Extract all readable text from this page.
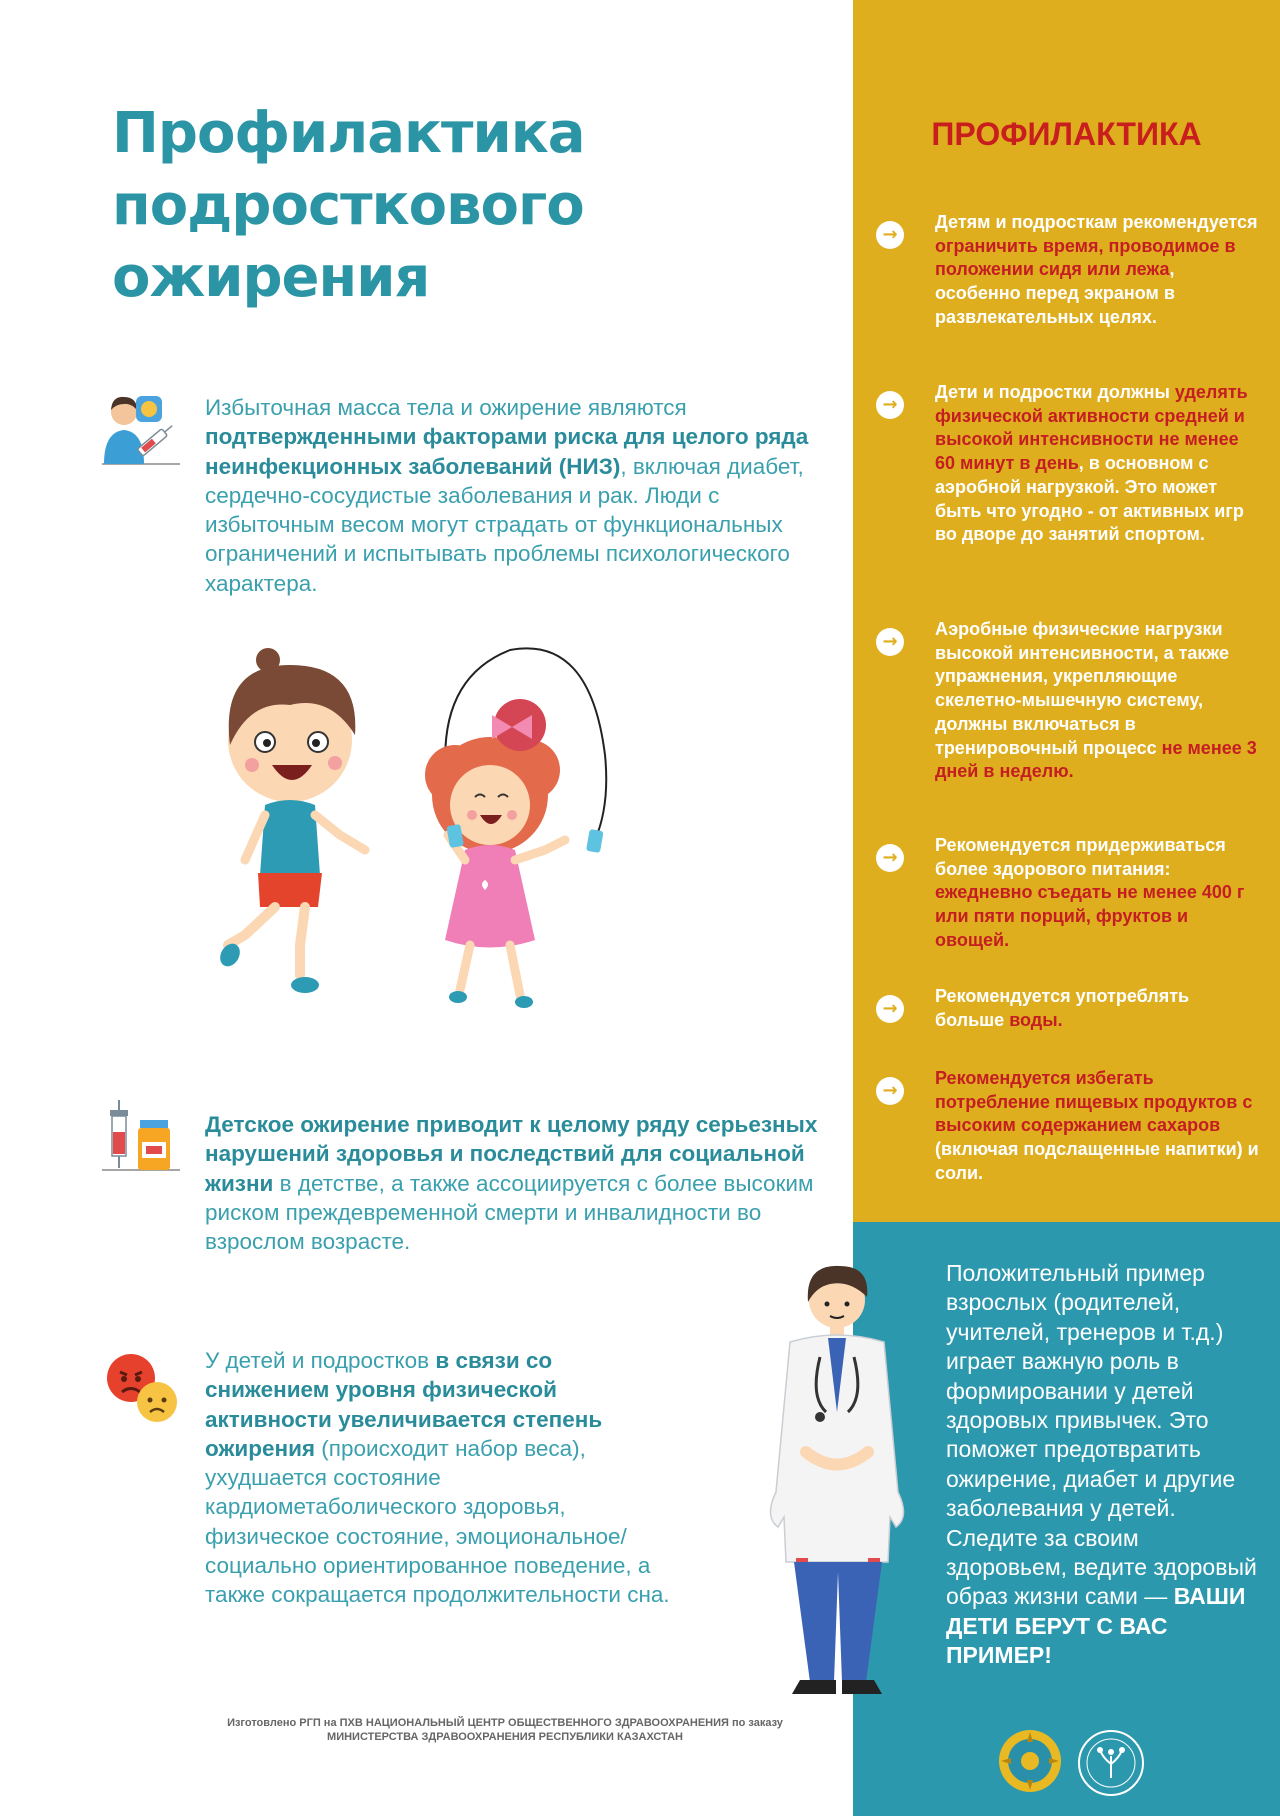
Профилактика
подросткового
ожирения

Избыточная масса тела и ожирение являются подтвержденными факторами риска для целого ряда неинфекционных заболеваний (НИЗ), включая диабет, сердечно-сосудистые заболевания и рак. Люди с избыточным весом могут страдать от функциональных ограничений и испытывать проблемы психологического характера.

Детское ожирение приводит к целому ряду серьезных нарушений здоровья и последствий для социальной жизни в детстве, а также ассоциируется с более высоким риском преждевременной смерти и инвалидности во взрослом возрасте.

У детей и подростков в связи со снижением уровня физической активности увеличивается степень ожирения (происходит набор веса), ухудшается состояние кардиометаболического здоровья, физическое состояние, эмоциональное/социально ориентированное поведение, а также сокращается продолжительности сна.

ПРОФИЛАКТИКА
→

Детям и подросткам рекомендуется ограничить время, проводимое в положении сидя или лежа, особенно перед экраном в развлекательных целях.

→

Дети и подростки должны уделять физической активности средней и высокой интенсивности не менее 60 минут в день, в основном с аэробной нагрузкой. Это может быть что угодно - от активных игр во дворе до занятий спортом.

→

Аэробные физические нагрузки высокой интенсивности, а также упражнения, укрепляющие скелетно-мышечную систему, должны включаться в тренировочный процесс не менее 3 дней в неделю.

→

Рекомендуется придерживаться более здорового питания: ежедневно съедать не менее 400 г или пяти порций, фруктов и овощей.

→

Рекомендуется употреблять больше воды.

→

Рекомендуется избегать потребление пищевых продуктов с высоким содержанием сахаров (включая подслащенные напитки) и соли.

Положительный пример взрослых (родителей, учителей, тренеров и т.д.) играет важную роль в формировании у детей здоровых привычек. Это поможет предотвратить ожирение, диабет и другие заболевания у детей. Следите за своим здоровьем, ведите здоровый образ жизни сами — ВАШИ ДЕТИ БЕРУТ С ВАС ПРИМЕР!

Изготовлено РГП на ПХВ НАЦИОНАЛЬНЫЙ ЦЕНТР ОБЩЕСТВЕННОГО ЗДРАВООХРАНЕНИЯ по заказу
МИНИСТЕРСТВА ЗДРАВООХРАНЕНИЯ РЕСПУБЛИКИ КАЗАХСТАН
